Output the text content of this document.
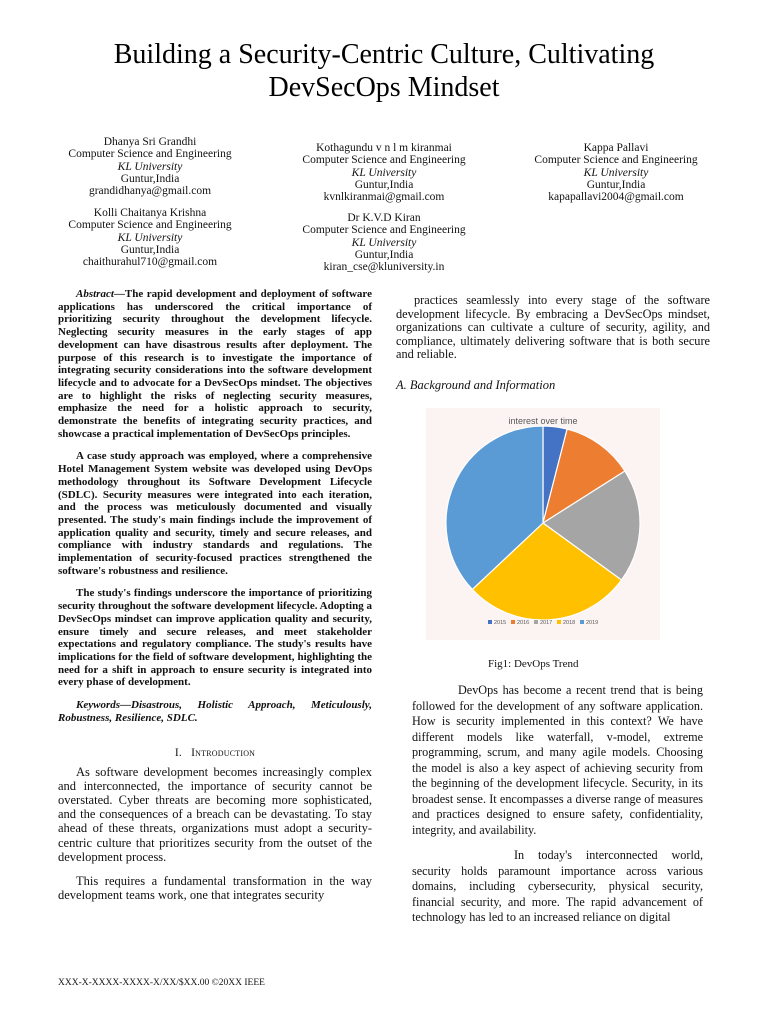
Building a Security-Centric Culture, Cultivating
DevSecOps Mindset
Dhanya Sri Grandhi
Computer Science and Engineering
KL University
Guntur,India
grandidhanya@gmail.com
Kothagundu v n l m kiranmai
Computer Science and Engineering
KL University
Guntur,India
kvnlkiranmai@gmail.com
Kappa Pallavi
Computer Science and Engineering
KL University
Guntur,India
kapapallavi2004@gmail.com
Kolli Chaitanya Krishna
Computer Science and Engineering
KL University
Guntur,India
chaithurahul710@gmail.com
Dr K.V.D Kiran
Computer Science and Engineering
KL University
Guntur,India
kiran_cse@kluniversity.in

Abstract—The rapid development and deployment of software applications has underscored the critical importance of prioritizing security throughout the development lifecycle. Neglecting security measures in the early stages of app development can have disastrous results after deployment. The purpose of this research is to investigate the importance of integrating security considerations into the software development lifecycle and to advocate for a DevSecOps mindset. The objectives are to highlight the risks of neglecting security measures, emphasize the need for a holistic approach to security, demonstrate the benefits of integrating security practices, and showcase a practical implementation of DevSecOps principles.

A case study approach was employed, where a comprehensive Hotel Management System website was developed using DevOps methodology throughout its Software Development Lifecycle (SDLC). Security measures were integrated into each iteration, and the process was meticulously documented and visually presented. The study's main findings include the improvement of application quality and security, timely and secure releases, and compliance with industry standards and regulations. The implementation of security-focused practices strengthened the software's robustness and resilience.

The study's findings underscore the importance of prioritizing security throughout the software development lifecycle. Adopting a DevSecOps mindset can improve application quality and security, ensure timely and secure releases, and meet stakeholder expectations and regulatory compliance. The study's results have implications for the field of software development, highlighting the need for a shift in approach to ensure security is integrated into every phase of development.

Keywords—Disastrous, Holistic Approach, Meticulously, Robustness, Resilience, SDLC.

I. Introduction

As software development becomes increasingly complex and interconnected, the importance of security cannot be overstated. Cyber threats are becoming more sophisticated, and the consequences of a breach can be devastating. To stay ahead of these threats, organizations must adopt a security- centric culture that prioritizes security from the outset of the development process.

This requires a fundamental transformation in the way development teams work, one that integrates security

practices seamlessly into every stage of the software development lifecycle. By embracing a DevSecOps mindset, organizations can cultivate a culture of security, agility, and compliance, ultimately delivering software that is both secure and reliable.

A. Background and Information
interest over time
2015 2016 2017 2018 2019
Fig1: DevOps Trend

DevOps has become a recent trend that is being followed for the development of any software application. How is security implemented in this context? We have different models like waterfall, v-model, extreme programming, scrum, and many agile models. Choosing the model is also a key aspect of achieving security from the beginning of the development lifecycle. Security, in its broadest sense. It encompasses a diverse range of measures and practices designed to ensure safety, confidentiality, integrity, and availability.

In today's interconnected world, security holds paramount importance across various domains, including cybersecurity, physical security, financial security, and more. The rapid advancement of technology has led to an increased reliance on digital

XXX-X-XXXX-XXXX-X/XX/$XX.00 ©20XX IEEE
